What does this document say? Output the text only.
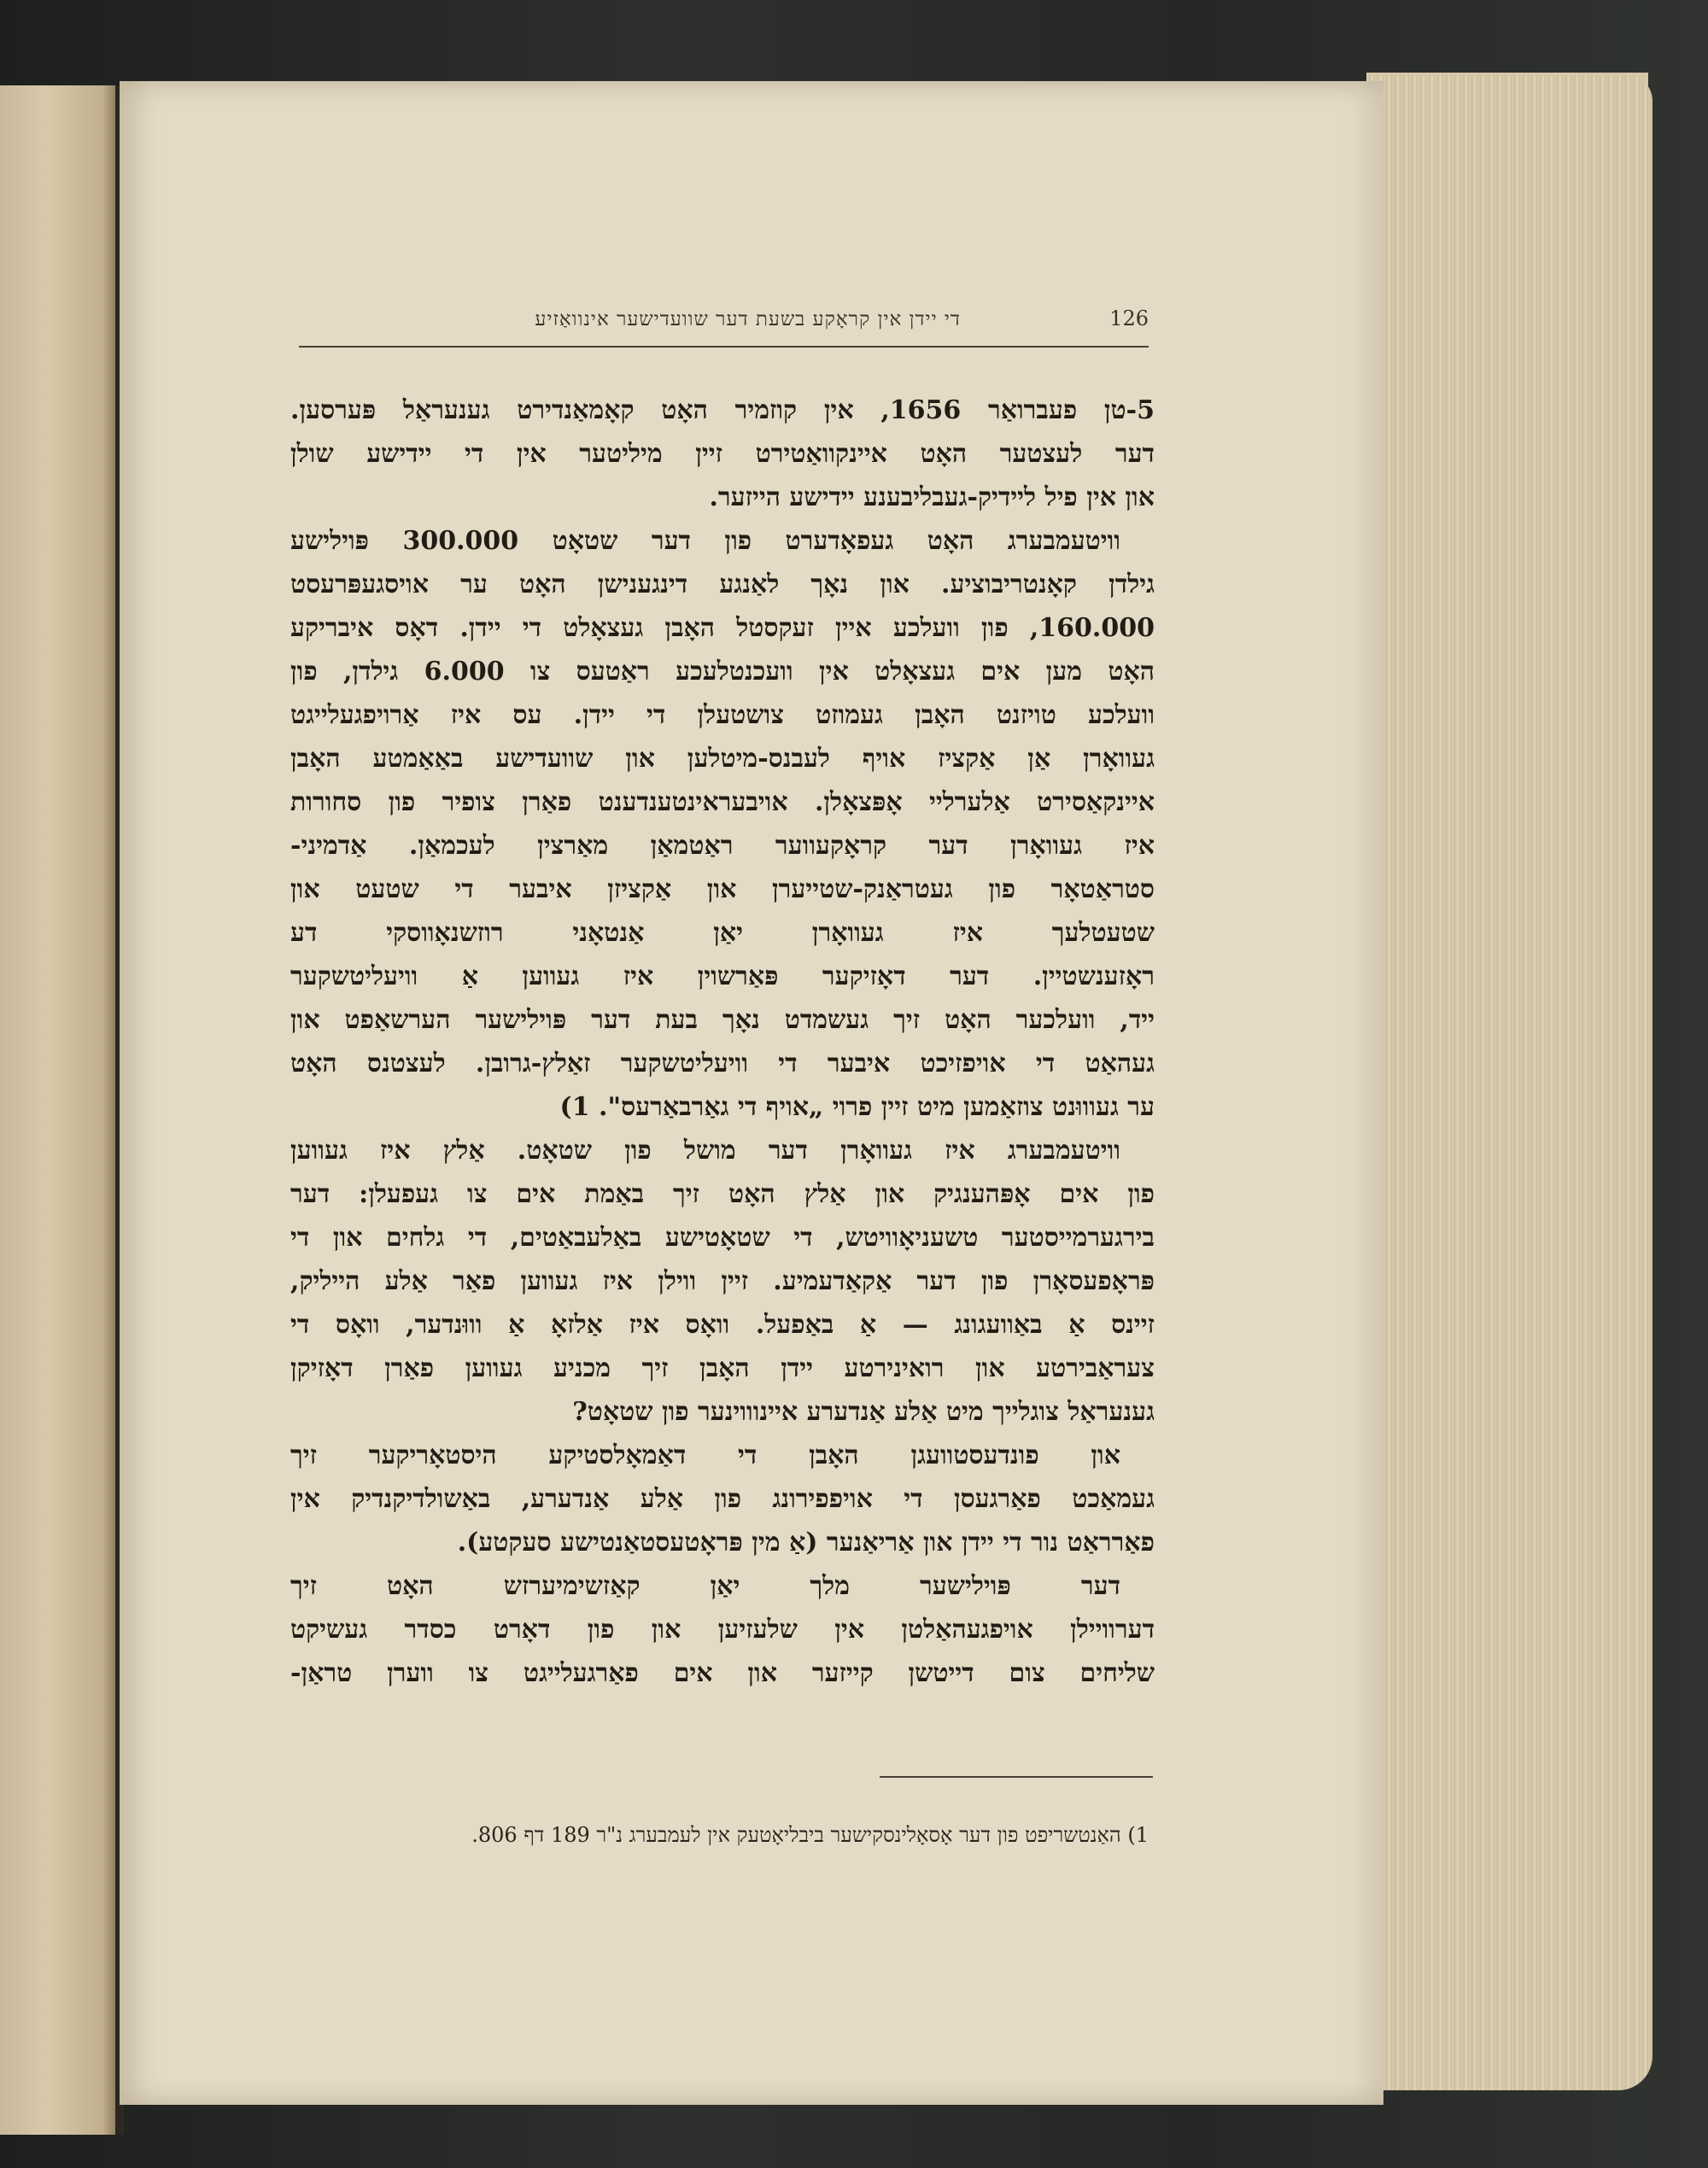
126
די יידן אין קראָקע בשעת דער שוועדישער אינוואַזיע
5-טן פעברואַר 1656, אין קוזמיר האָט קאָמאַנדירט גענעראַל פּערסען.
דער לעצטער האָט איינקוואַטירט זיין מיליטער אין די יידישע שולן
און אין פיל ליידיק-געבליבענע יידישע הייזער.
וויטעמבערג האָט געפאָדערט פון דער שטאָט 300.000 פּוילישע
גילדן קאָנטריבוציע. און נאָך לאַנגע דינגענישן האָט ער אויסגעפּרעסט
160.000, פון וועלכע איין זעקסטל האָבן געצאָלט די יידן. דאָס איבריקע
האָט מען אים געצאָלט אין וועכנטלעכע ראַטעס צו 6.000 גילדן, פון
וועלכע טויזנט האָבן געמוזט צושטעלן די יידן. עס איז אַרויפגעלייגט
געוואָרן אַן אַקציז אויף לעבנס-מיטלען און שוועדישע באַאַמטע האָבן
איינקאַסירט אַלערליי אָפּצאָלן. אויבעראינטענדענט פאַרן צופיר פון סחורות
איז געוואָרן דער קראָקעווער ראַטמאַן מאַרצין לעכמאַן. אַדמיני-
סטראַטאָר פון געטראַנק-שטייערן און אַקציזן איבער די שטעט און
שטעטלעך איז געוואָרן יאַן אַנטאָני רוזשנאָווסקי דע
ראָזענשטיין. דער דאָזיקער פּאַרשוין איז געווען אַ וויעליטשקער
ייד, וועלכער האָט זיך געשמדט נאָך בעת דער פּוילישער הערשאַפט און
געהאַט די אויפזיכט איבער די וויעליטשקער זאַלץ-גרובן. לעצטנס האָט
ער געוווּנט צוזאַמען מיט זיין פרוי „אויף די גאַרבאַרעס". 1)
וויטעמבערג איז געוואָרן דער מושל פון שטאָט. אַלץ איז געווען
פון אים אָפּהענגיק און אַלץ האָט זיך באַמת אים צו געפעלן: דער
בירגערמייסטער טשעניאָוויטש, די שטאָטישע באַלעבאַטים, די גלחים און די
פּראָפעסאָרן פון דער אַקאַדעמיע. זיין ווילן איז געווען פאַר אַלע הייליק,
זיינס אַ באַוועגונג — אַ באַפעל. וואָס איז אַלזאָ אַ וווּנדער, וואָס די
צעראַבירטע און רואינירטע יידן האָבן זיך מכניע געווען פאַרן דאָזיקן
גענעראַל צוגלייך מיט אַלע אַנדערע איינוווינער פון שטאָט?
און פונדעסטוועגן האָבן די דאַמאָלסטיקע היסטאָריקער זיך
געמאַכט פאַרגעסן די אויפפירונג פון אַלע אַנדערע, באַשולדיקנדיק אין
פאַרראַט נור די יידן און אַריאַנער (אַ מין פּראָטעסטאַנטישע סעקטע).
דער פּוילישער מלך יאַן קאַזשימיערזש האָט זיך
דערוויילן אויפגעהאַלטן אין שלעזיען און פון דאָרט כסדר געשיקט
שליחים צום דייטשן קייזער און אים פאַרגעלייגט צו ווערן טראַן-
1) האַנטשריפט פון דער אָסאָלינסקישער ביבליאָטעק אין לעמבערג נ"ר 189 דף 806.
